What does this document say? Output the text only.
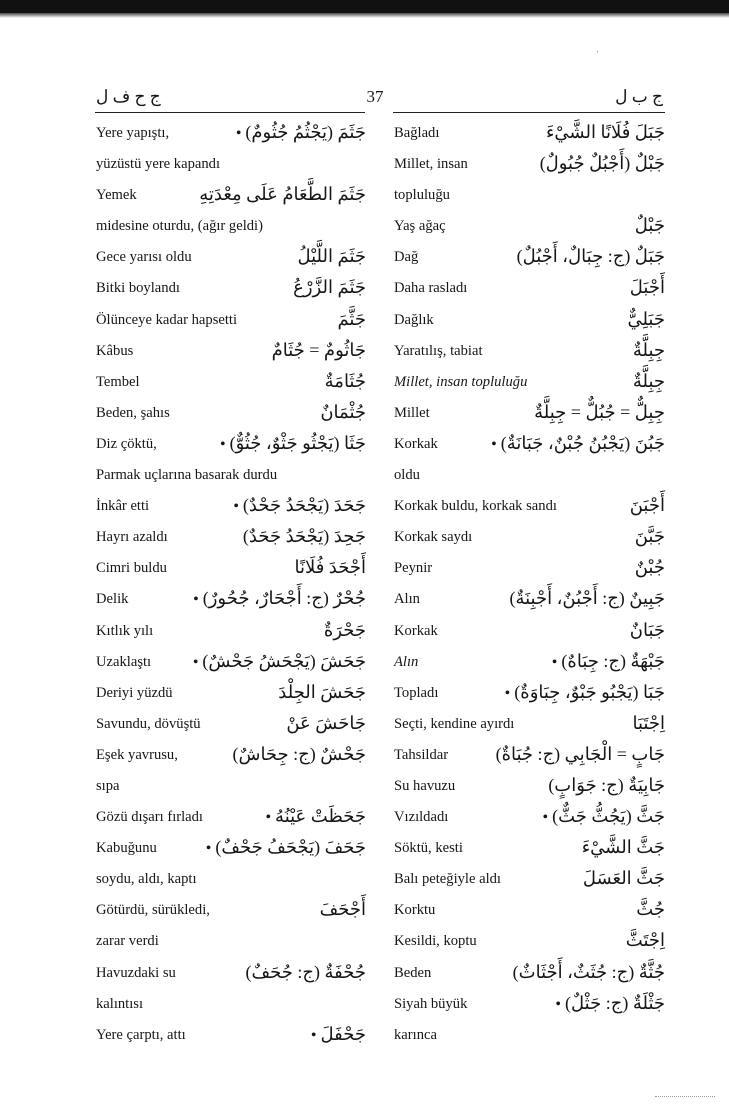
ˈ
ج ح ف ل	37	ج ب ل
Yere yapıştı,	جَثَمَ (يَجْثُمُ جُثُومٌ) •
yüzüstü yere kapandı
Yemek	جَثَمَ الطَّعَامُ عَلَى مِعْدَتِهِ
midesine oturdu, (ağır geldi)
Gece yarısı oldu	جَثَمَ اللَّيْلُ
Bitki boylandı	جَثَمَ الزَّرْعُ
Ölünceye kadar hapsetti	جَثَّمَ
Kâbus	جَاثُومٌ = جُثَامٌ
Tembel	جُثَامَةٌ
Beden, şahıs	جُثْمَانٌ
Diz çöktü,	جَثَا (يَجْثُو جَثْوٌ، جُثُوٌّ) •
Parmak uçlarına basarak durdu
İnkâr etti	جَحَدَ (يَجْحَدُ جَحْدٌ) •
Hayrı azaldı	جَحِدَ (يَجْحَدُ جَحَدٌ)
Cimri buldu	أَجْحَدَ فُلَانًا
Delik	جُحْرٌ (ج: أَجْحَارٌ، جُحُورٌ) •
Kıtlık yılı	جَحْرَةٌ
Uzaklaştı	جَحَشَ (يَجْحَشُ جَحْشٌ) •
Deriyi yüzdü	جَحَشَ الجِلْدَ
Savundu, dövüştü	جَاحَشَ عَنْ
Eşek yavrusu,	جَحْشٌ (ج: جِحَاشٌ)
sıpa
Gözü dışarı fırladı	جَحَظَتْ عَيْنُهُ •
Kabuğunu	جَحَفَ (يَجْحَفُ جَحْفٌ) •
soydu, aldı, kaptı
Götürdü, sürükledi,	أَجْحَفَ
zarar verdi
Havuzdaki su	جُحْفَةٌ (ج: جُحَفٌ)
kalıntısı
Yere çarptı, attı	جَحْفَلَ •
Bağladı	جَبَلَ فُلَانًا الشَّيْءَ
Millet, insan	جَبْلٌ (أَجْبُلٌ جُبُولٌ)
topluluğu
Yaş ağaç	جَبْلٌ
Dağ	جَبَلٌ (ج: جِبَالٌ، أَجْبُلٌ)
Daha rasladı	أَجْبَلَ
Dağlık	جَبَلِيٌّ
Yaratılış, tabiat	جِبِلَّةٌ
Millet, insan topluluğu	جِبِلَّةٌ
Millet	جِبِلٌّ = جُبُلٌّ = جِبِلَّةٌ
Korkak	جَبُنَ (يَجْبُنُ جُبْنٌ، جَبَانَةٌ) •
oldu
Korkak buldu, korkak sandı	أَجْبَنَ
Korkak saydı	جَبَّنَ
Peynir	جُبْنٌ
Alın	جَبِينٌ (ج: أَجْبُنٌ، أَجْبِنَةٌ)
Korkak	جَبَانٌ
Alın	جَبْهَةٌ (ج: جِبَاهٌ) •
Topladı	جَبَا (يَجْبُو جَبْوٌ، جِبَاوَةٌ) •
Seçti, kendine ayırdı	اِجْتَبَا
Tahsildar	جَابٍ = الْجَابِي (ج: جُبَاةٌ)
Su havuzu	جَابِيَةٌ (ج: جَوَابٍ)
Vızıldadı	جَثَّ (يَجُثُّ جَثٌّ) •
Söktü, kesti	جَثَّ الشَّيْءَ
Balı peteğiyle aldı	جَثَّ العَسَلَ
Korktu	جُثَّ
Kesildi, koptu	اِجْتَثَّ
Beden	جُثَّةٌ (ج: جُثَثٌ، أَجْثَاثٌ)
Siyah büyük	جَثْلَةٌ (ج: جَثْلٌ) •
karınca
